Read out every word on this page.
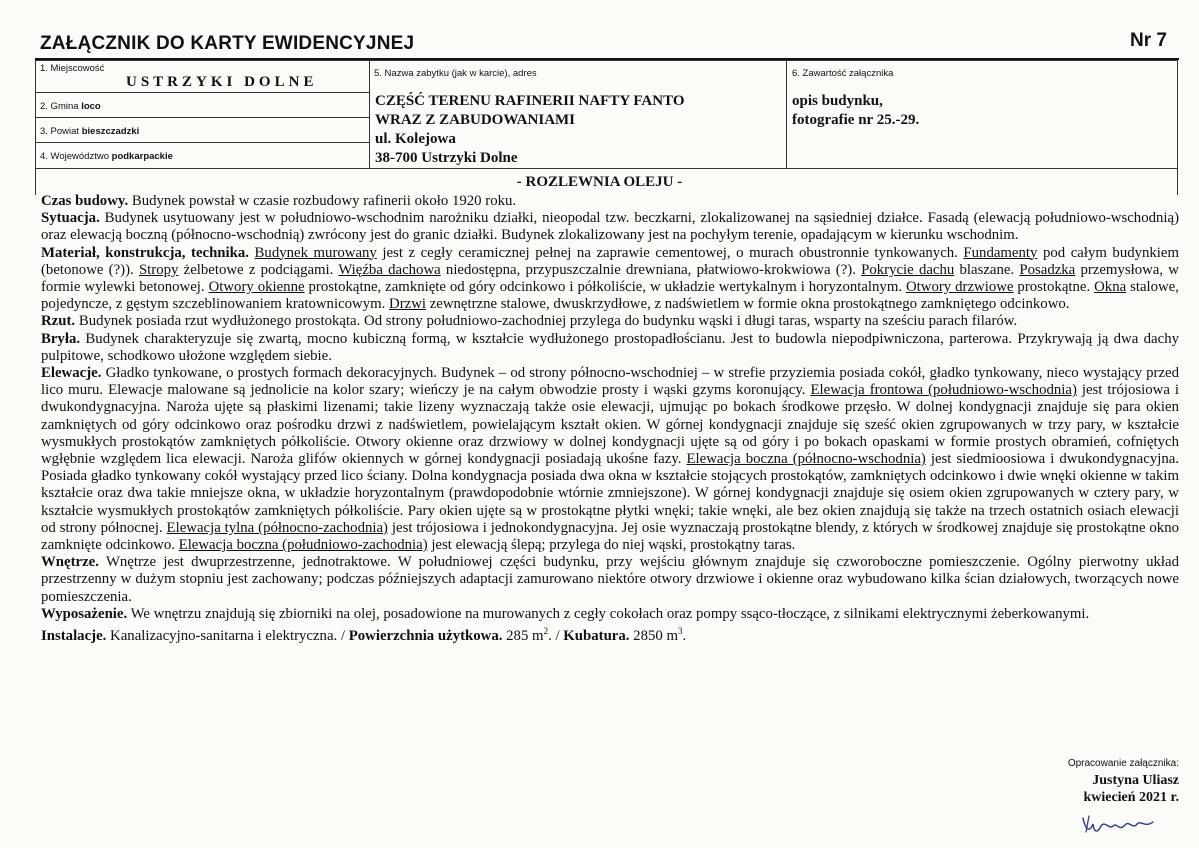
ZAŁĄCZNIK DO KARTY EWIDENCYJNEJ	Nr 7
1. Miejscowość
USTRZYKI DOLNE
2. Gmina loco
3. Powiat bieszczadzki
4. Województwo podkarpackie
5. Nazwa zabytku (jak w karcie), adres
CZĘŚĆ TERENU RAFINERII NAFTY FANTO
WRAZ Z ZABUDOWANIAMI
ul. Kolejowa
38-700 Ustrzyki Dolne
6. Zawartość załącznika
opis budynku,
fotografie nr 25.-29.
- ROZLEWNIA OLEJU -

Czas budowy. Budynek powstał w czasie rozbudowy rafinerii około 1920 roku.

Sytuacja. Budynek usytuowany jest w południowo-wschodnim narożniku działki, nieopodal tzw. beczkarni, zlokalizowanej na sąsiedniej działce. Fasadą (elewacją południowo-wschodnią) oraz elewacją boczną (północno-wschodnią) zwrócony jest do granic działki. Budynek zlokalizowany jest na pochyłym terenie, opadającym w kierunku wschodnim.

Materiał, konstrukcja, technika. Budynek murowany jest z cegły ceramicznej pełnej na zaprawie cementowej, o murach obustronnie tynkowanych. Fundamenty pod całym budynkiem (betonowe (?)). Stropy żelbetowe z podciągami. Więźba dachowa niedostępna, przypuszczalnie drewniana, płatwiowo-krokwiowa (?). Pokrycie dachu blaszane. Posadzka przemysłowa, w formie wylewki betonowej. Otwory okienne prostokątne, zamknięte od góry odcinkowo i półkoliście, w układzie wertykalnym i horyzontalnym. Otwory drzwiowe prostokątne. Okna stalowe, pojedyncze, z gęstym szczeblinowaniem kratownicowym. Drzwi zewnętrzne stalowe, dwuskrzydłowe, z nadświetlem w formie okna prostokątnego zamkniętego odcinkowo.

Rzut. Budynek posiada rzut wydłużonego prostokąta. Od strony południowo-zachodniej przylega do budynku wąski i długi taras, wsparty na sześciu parach filarów.

Bryła. Budynek charakteryzuje się zwartą, mocno kubiczną formą, w kształcie wydłużonego prostopadłościanu. Jest to budowla niepodpiwniczona, parterowa. Przykrywają ją dwa dachy pulpitowe, schodkowo ułożone względem siebie.

Elewacje. Gładko tynkowane, o prostych formach dekoracyjnych. Budynek – od strony północno-wschodniej – w strefie przyziemia posiada cokół, gładko tynkowany, nieco wystający przed lico muru. Elewacje malowane są jednolicie na kolor szary; wieńczy je na całym obwodzie prosty i wąski gzyms koronujący. Elewacja frontowa (południowo-wschodnia) jest trójosiowa i dwukondygnacyjna. Naroża ujęte są płaskimi lizenami; takie lizeny wyznaczają także osie elewacji, ujmując po bokach środkowe przęsło. W dolnej kondygnacji znajduje się para okien zamkniętych od góry odcinkowo oraz pośrodku drzwi z nadświetlem, powielającym kształt okien. W górnej kondygnacji znajduje się sześć okien zgrupowanych w trzy pary, w kształcie wysmukłych prostokątów zamkniętych półkoliście. Otwory okienne oraz drzwiowy w dolnej kondygnacji ujęte są od góry i po bokach opaskami w formie prostych obramień, cofniętych wgłębnie względem lica elewacji. Naroża glifów okiennych w górnej kondygnacji posiadają ukośne fazy. Elewacja boczna (północno-wschodnia) jest siedmioosiowa i dwukondygnacyjna. Posiada gładko tynkowany cokół wystający przed lico ściany. Dolna kondygnacja posiada dwa okna w kształcie stojących prostokątów, zamkniętych odcinkowo i dwie wnęki okienne w takim kształcie oraz dwa takie mniejsze okna, w układzie horyzontalnym (prawdopodobnie wtórnie zmniejszone). W górnej kondygnacji znajduje się osiem okien zgrupowanych w cztery pary, w kształcie wysmukłych prostokątów zamkniętych półkoliście. Pary okien ujęte są w prostokątne płytki wnęki; takie wnęki, ale bez okien znajdują się także na trzech ostatnich osiach elewacji od strony północnej. Elewacja tylna (północno-zachodnia) jest trójosiowa i jednokondygnacyjna. Jej osie wyznaczają prostokątne blendy, z których w środkowej znajduje się prostokątne okno zamknięte odcinkowo. Elewacja boczna (południowo-zachodnia) jest elewacją ślepą; przylega do niej wąski, prostokątny taras.

Wnętrze. Wnętrze jest dwuprzestrzenne, jednotraktowe. W południowej części budynku, przy wejściu głównym znajduje się czworoboczne pomieszczenie. Ogólny pierwotny układ przestrzenny w dużym stopniu jest zachowany; podczas późniejszych adaptacji zamurowano niektóre otwory drzwiowe i okienne oraz wybudowano kilka ścian działowych, tworzących nowe pomieszczenia.

Wyposażenie. We wnętrzu znajdują się zbiorniki na olej, posadowione na murowanych z cegły cokołach oraz pompy ssąco-tłoczące, z silnikami elektrycznymi żeberkowanymi.

Instalacje. Kanalizacyjno-sanitarna i elektryczna. / Powierzchnia użytkowa. 285 $m^2$. / Kubatura. 2850 $m^3$.

Opracowanie załącznika:
Justyna Uliasz
kwiecień 2021 r.
